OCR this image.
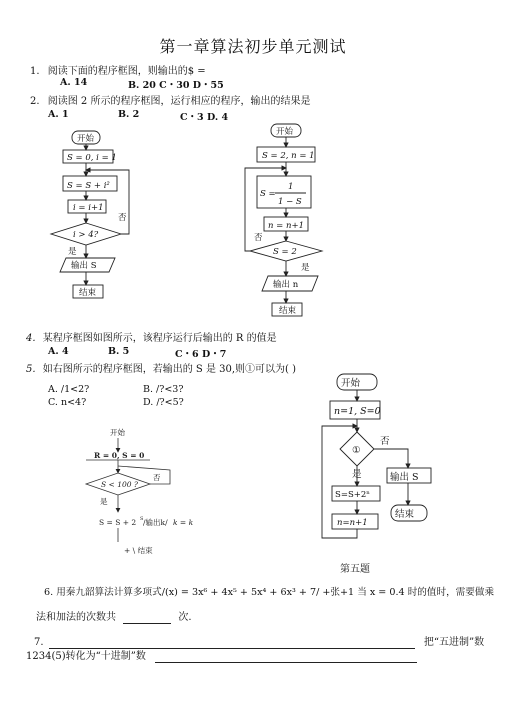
第一章算法初步单元测试
1. 阅读下面的程序框图，则输出的$ =
A. 14	B. 20 C・30 D・55
2. 阅读图 2 所示的程序框图，运行相应的程序，输出的结果是
A. 1	B. 2	C・3 D. 4
开始
S = 0, i = 1
S = S + i²
i = i+1
i > 4?
否
是
输出 S
结束
开始
S = 2, n = 1
S =
1
1 − S
n = n+1
S = 2
否
是
输出 n
结束
4. 某程序框图如图所示，该程序运行后输出的 R 的值是
A. 4	B. 5	C・6 D・7
5. 如右图所示的程序框图，若输出的 S 是 30,则①可以为( )
A. /1<2?	B. /?<3?
C. n<4?	D. /?<5?
开始
R = 0, S = 0
S < 100 ?
否
是
S = S + 2 S /输出k/ k = k
+ \ 结束
开始
n=1, S=0
①
否
是	输出 S
结束
S=S+2ⁿ
n=n+1
第五题
6. 用秦九韶算法计算多项式/(x) = 3x⁶ + 4x⁵ + 5x⁴ + 6x³ + 7/ +张+1 当 x = 0.4 时的值时，需要做乘
法和加法的次数共	次.
7.	把“五进制”数
1234(5)转化为“十进制”数
